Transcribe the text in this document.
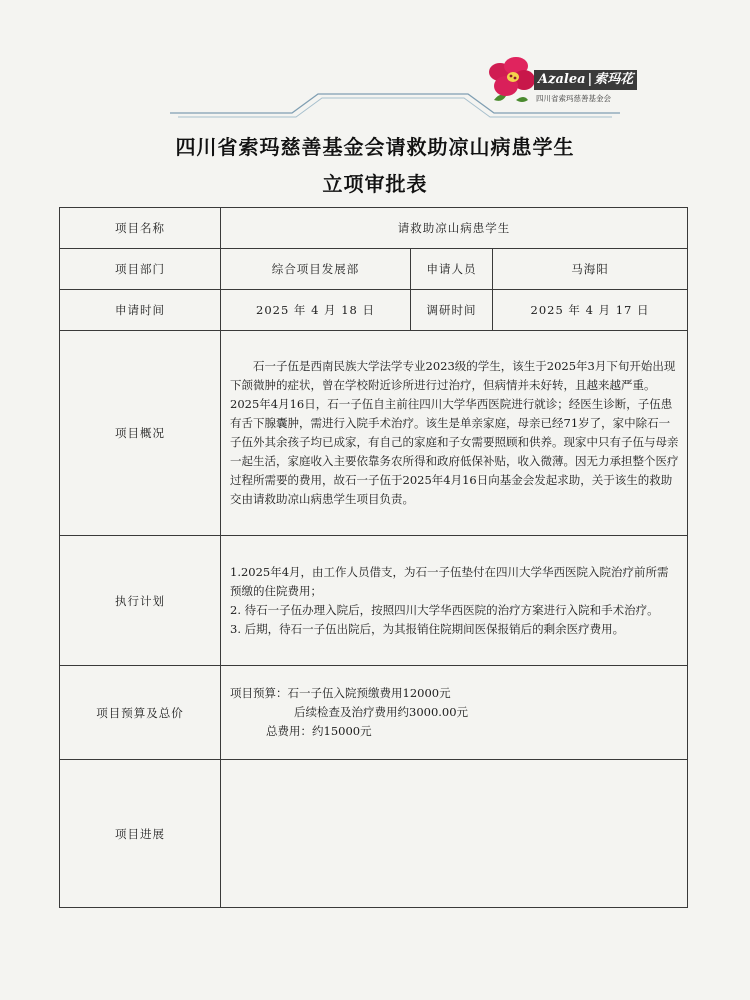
Azalea | 索玛花
四川省索玛慈善基金会
四川省索玛慈善基金会请救助凉山病患学生
立项审批表
项目名称	请救助凉山病患学生		
项目部门	综合项目发展部	申请人员	马海阳
申请时间	2025 年 4 月 18 日	调研时间	2025 年 4 月 17 日
项目概况	石一子伍是西南民族大学法学专业2023级的学生，该生于2025年3月下旬开始出现下颌微肿的症状，曾在学校附近诊所进行过治疗，但病情并未好转，且越来越严重。2025年4月16日，石一子伍自主前往四川大学华西医院进行就诊；经医生诊断，子伍患有舌下腺囊肿，需进行入院手术治疗。该生是单亲家庭，母亲已经71岁了，家中除石一子伍外其余孩子均已成家，有自己的家庭和子女需要照顾和供养。现家中只有子伍与母亲一起生活，家庭收入主要依靠务农所得和政府低保补贴，收入微薄。因无力承担整个医疗过程所需要的费用，故石一子伍于2025年4月16日向基金会发起求助，关于该生的救助交由请救助凉山病患学生项目负责。		

执行计划	1.2025年4月，由工作人员借支，为石一子伍垫付在四川大学华西医院入院治疗前所需预缴的住院费用；
2. 待石一子伍办理入院后，按照四川大学华西医院的治疗方案进行入院和手术治疗。
3. 后期，待石一子伍出院后，为其报销住院期间医保报销后的剩余医疗费用。		

项目预算及总价	项目预算：石一子伍入院预缴费用12000元
后续检查及治疗费用约3000.00元
总费用：约15000元		

项目进展			
